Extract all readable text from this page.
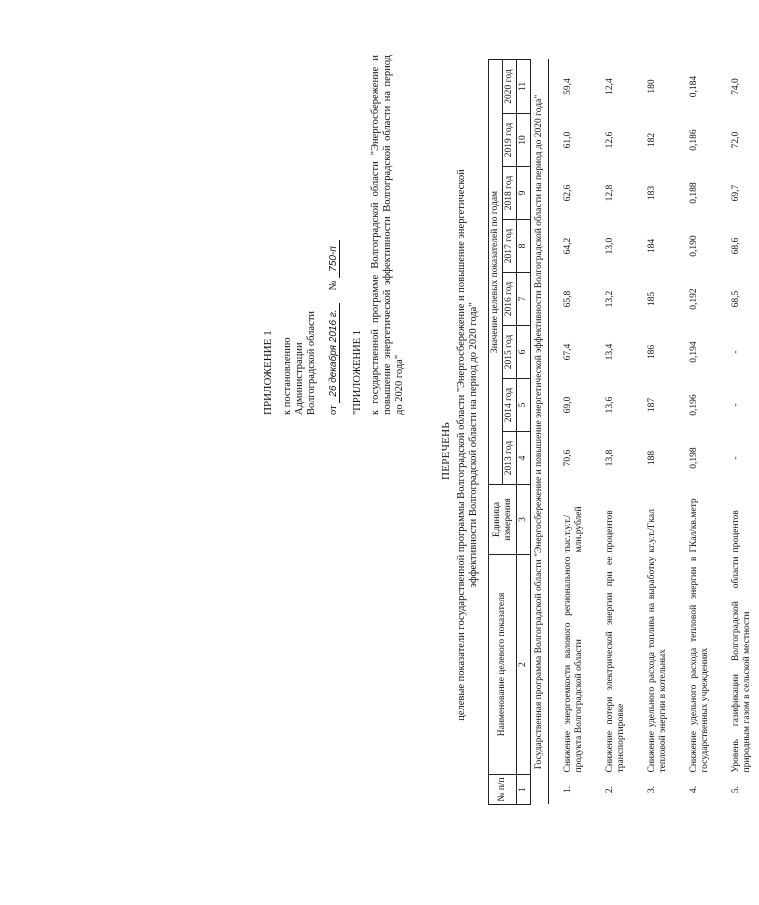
ПРИЛОЖЕНИЕ 1 к постановлению Администрации Волгоградской области от 26 декабря 2016 г.     № 750-п
"ПРИЛОЖЕНИЕ 1 к государственной программе Волгоградской области "Энергосбережение и повышение энергетической эффективности Волгоградской области на период до 2020 года"
ПЕРЕЧЕНЬ целевые показатели государственной программы Волгоградской области "Энергосбережение и повышение энергетической эффективности Волгоградской области на период до 2020 года"
№ п/п	Наименование целевого показателя	Единица измерения	Значение целевых показателей по годам							
			2013 год	2014 год	2015 год	2016 год	2017 год	2018 год	2019 год	2020 год
1	2	3	4	5	6	7	8	9	10	11
Государственная программа Волгоградской области "Энергосбережение и повышение энергетической эффективности Волгоградской области на период до 2020 года"										
1.	Снижение энергоемкости валового регионального продукта Волгоградской области	тыс.т.у.т./ млн.рублей	70,6	69,0	67,4	65,8	64,2	62,6	61,0	59,4
2.	Снижение потери электрической энергии при ее транспортировке	процентов	13,8	13,6	13,4	13,2	13,0	12,8	12,6	12,4
3.	Снижение удельного расхода топлива на выработку тепловой энергии в котельных	кг.у.т./Гкал	188	187	186	185	184	183	182	180
4.	Снижение удельного расхода тепловой энергии в государственных учреждениях	ГКал/кв.метр	0,198	0,196	0,194	0,192	0,190	0,188	0,186	0,184
5.	Уровень газификации Волгоградской области природным газом в сельской местности	процентов	-	-	-	68,5	68,6	69,7	72,0	74,0
